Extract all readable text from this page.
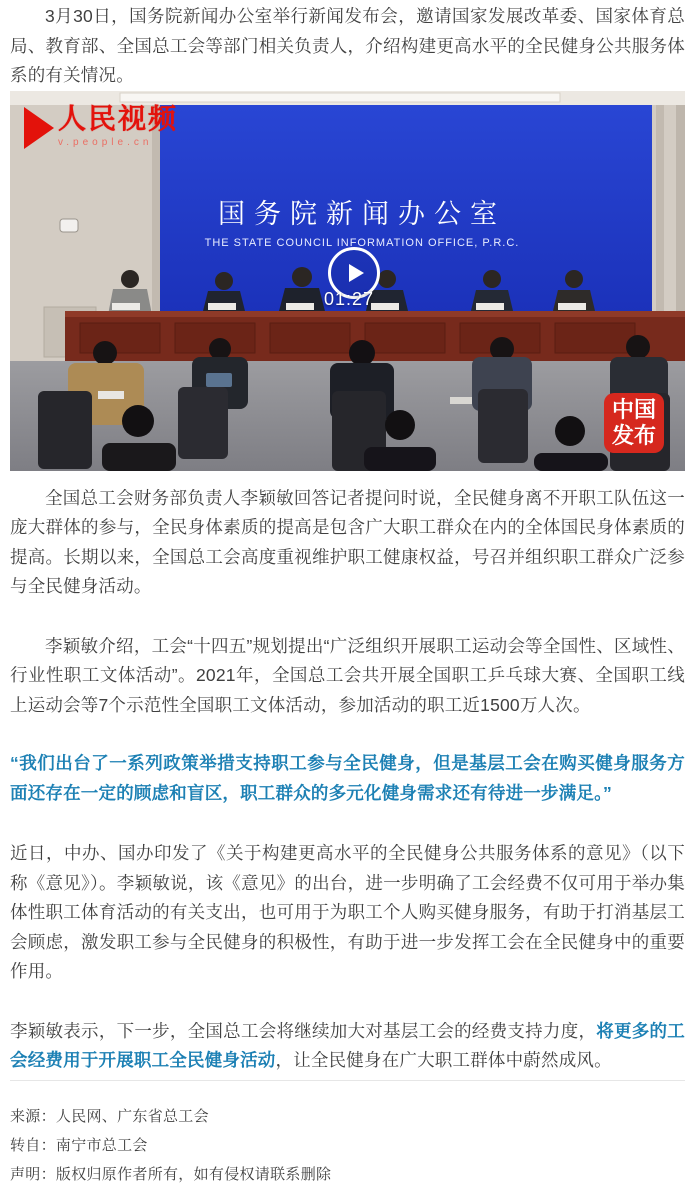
3月30日，国务院新闻办公室举行新闻发布会，邀请国家发展改革委、国家体育总局、教育部、全国总工会等部门相关负责人，介绍构建更高水平的全民健身公共服务体系的有关情况。

国务院新闻办公室
THE STATE COUNCIL INFORMATION OFFICE, P.R.C.
人民视频
v.people.cn
01:27
中国
发布

全国总工会财务部负责人李颖敏回答记者提问时说，全民健身离不开职工队伍这一庞大群体的参与，全民身体素质的提高是包含广大职工群众在内的全体国民身体素质的提高。长期以来，全国总工会高度重视维护职工健康权益，号召并组织职工群众广泛参与全民健身活动。

李颖敏介绍，工会“十四五”规划提出“广泛组织开展职工运动会等全国性、区域性、行业性职工文体活动”。2021年，全国总工会共开展全国职工乒乓球大赛、全国职工线上运动会等7个示范性全国职工文体活动，参加活动的职工近1500万人次。

“我们出台了一系列政策举措支持职工参与全民健身，但是基层工会在购买健身服务方面还存在一定的顾虑和盲区，职工群众的多元化健身需求还有待进一步满足。”

近日，中办、国办印发了《关于构建更高水平的全民健身公共服务体系的意见》（以下称《意见》）。李颖敏说，该《意见》的出台，进一步明确了工会经费不仅可用于举办集体性职工体育活动的有关支出，也可用于为职工个人购买健身服务，有助于打消基层工会顾虑，激发职工参与全民健身的积极性，有助于进一步发挥工会在全民健身中的重要作用。

李颖敏表示，下一步，全国总工会将继续加大对基层工会的经费支持力度，将更多的工会经费用于开展职工全民健身活动，让全民健身在广大职工群体中蔚然成风。

来源：人民网、广东省总工会
转自：南宁市总工会
声明：版权归原作者所有，如有侵权请联系删除
